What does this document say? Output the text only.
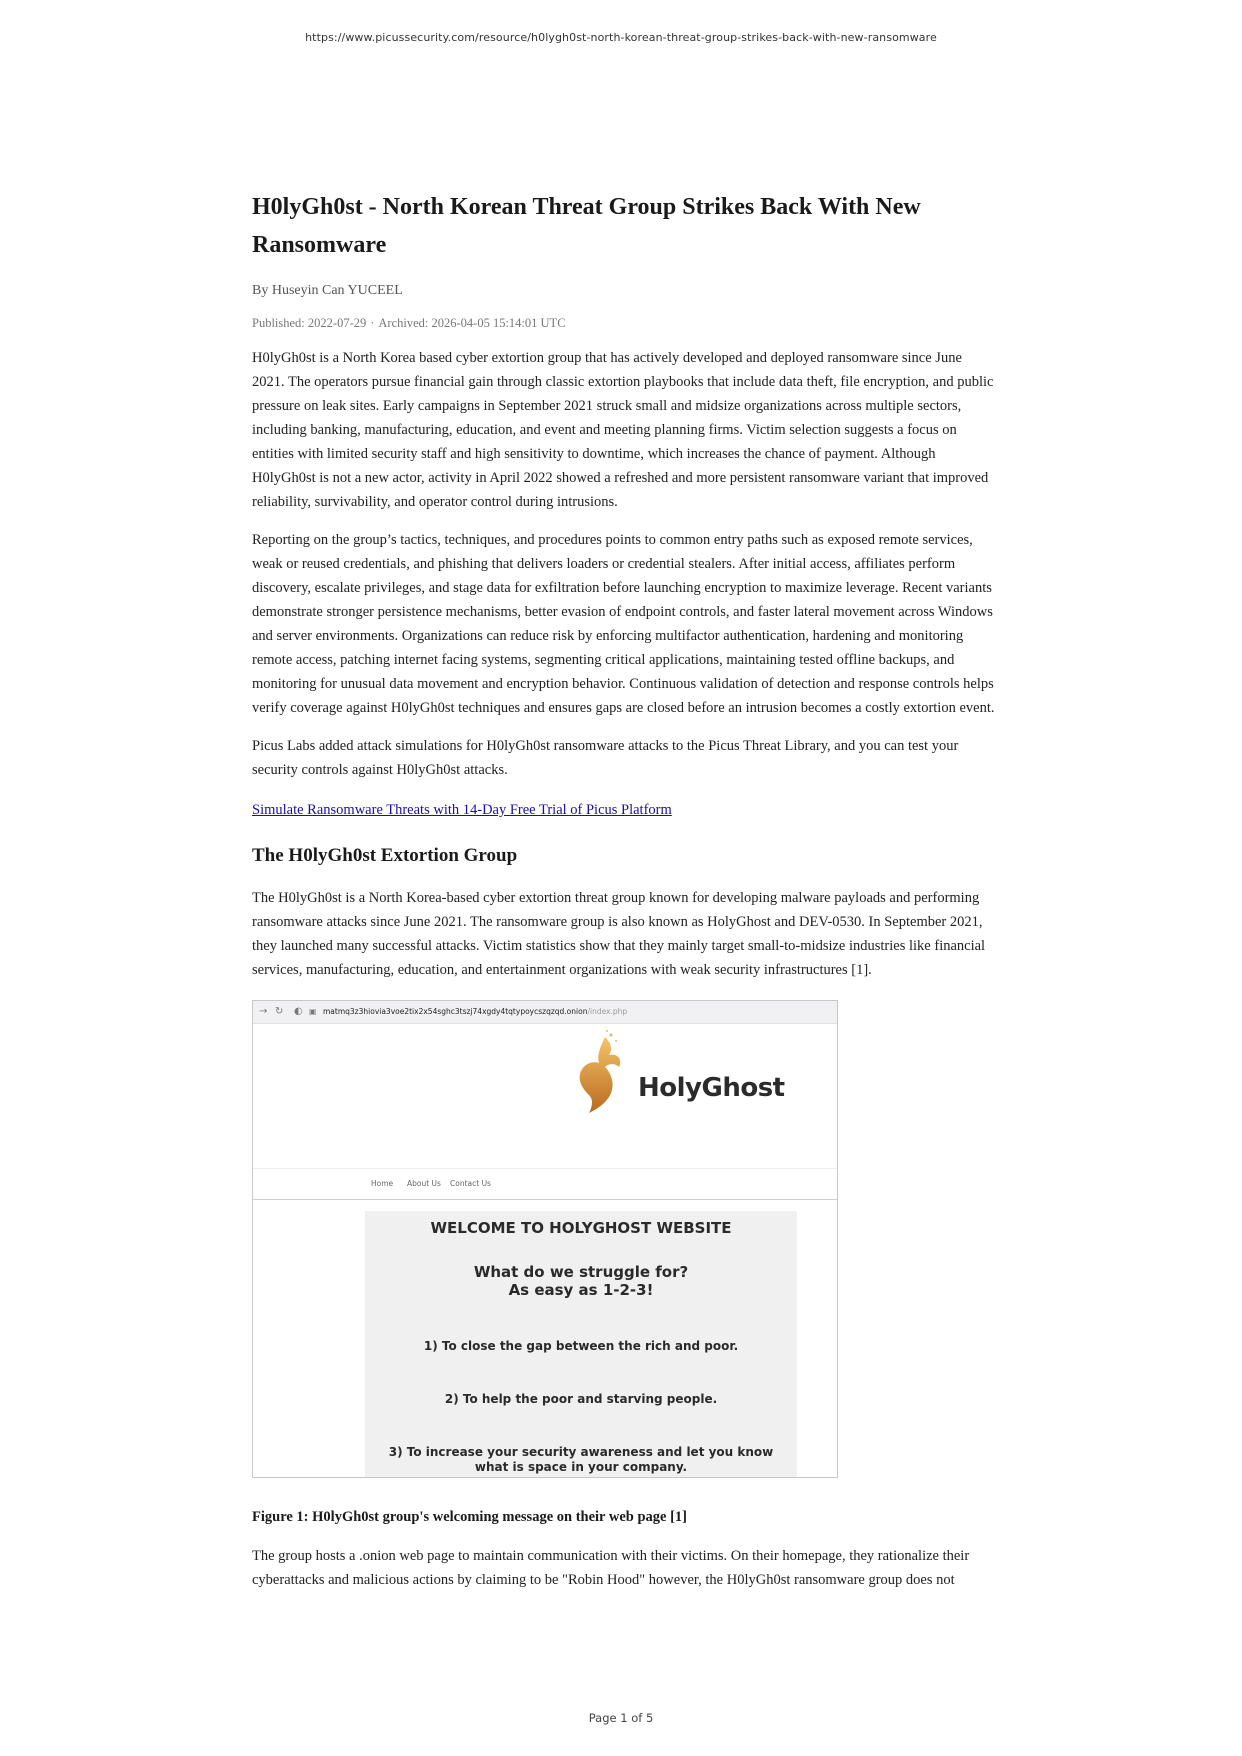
https://www.picussecurity.com/resource/h0lygh0st-north-korean-threat-group-strikes-back-with-new-ransomware
H0lyGh0st - North Korean Threat Group Strikes Back With New Ransomware
By Huseyin Can YUCEEL
Published: 2022-07-29 · Archived: 2026-04-05 15:14:01 UTC

H0lyGh0st is a North Korea based cyber extortion group that has actively developed and deployed ransomware since June 2021. The operators pursue financial gain through classic extortion playbooks that include data theft, file encryption, and public pressure on leak sites. Early campaigns in September 2021 struck small and midsize organizations across multiple sectors, including banking, manufacturing, education, and event and meeting planning firms. Victim selection suggests a focus on entities with limited security staff and high sensitivity to downtime, which increases the chance of payment. Although H0lyGh0st is not a new actor, activity in April 2022 showed a refreshed and more persistent ransomware variant that improved reliability, survivability, and operator control during intrusions.

Reporting on the group’s tactics, techniques, and procedures points to common entry paths such as exposed remote services, weak or reused credentials, and phishing that delivers loaders or credential stealers. After initial access, affiliates perform discovery, escalate privileges, and stage data for exfiltration before launching encryption to maximize leverage. Recent variants demonstrate stronger persistence mechanisms, better evasion of endpoint controls, and faster lateral movement across Windows and server environments. Organizations can reduce risk by enforcing multifactor authentication, hardening and monitoring remote access, patching internet facing systems, segmenting critical applications, maintaining tested offline backups, and monitoring for unusual data movement and encryption behavior. Continuous validation of detection and response controls helps verify coverage against H0lyGh0st techniques and ensures gaps are closed before an intrusion becomes a costly extortion event.

Picus Labs added attack simulations for H0lyGh0st ransomware attacks to the Picus Threat Library, and you can test your security controls against H0lyGh0st attacks.

Simulate Ransomware Threats with 14-Day Free Trial of Picus Platform
The H0lyGh0st Extortion Group

The H0lyGh0st is a North Korea-based cyber extortion threat group known for developing malware payloads and performing ransomware attacks since June 2021. The ransomware group is also known as HolyGhost and DEV-0530. In September 2021, they launched many successful attacks. Victim statistics show that they mainly target small-to-midsize industries like financial services, manufacturing, education, and entertainment organizations with weak security infrastructures [1].

→ ↻ ◐ ▣ matmq3z3hiovia3voe2tix2x54sghc3tszj74xgdy4tqtypoycszqzqd.onion/index.php
HolyGhost
Home About Us Contact Us
WELCOME TO HOLYGHOST WEBSITE
What do we struggle for?
As easy as 1-2-3!
1) To close the gap between the rich and poor.
2) To help the poor and starving people.
3) To increase your security awareness and let you know what is space in your company.
Figure 1: H0lyGh0st group's welcoming message on their web page [1]

The group hosts a .onion web page to maintain communication with their victims. On their homepage, they rationalize their cyberattacks and malicious actions by claiming to be "Robin Hood" however, the H0lyGh0st ransomware group does not

Page 1 of 5
